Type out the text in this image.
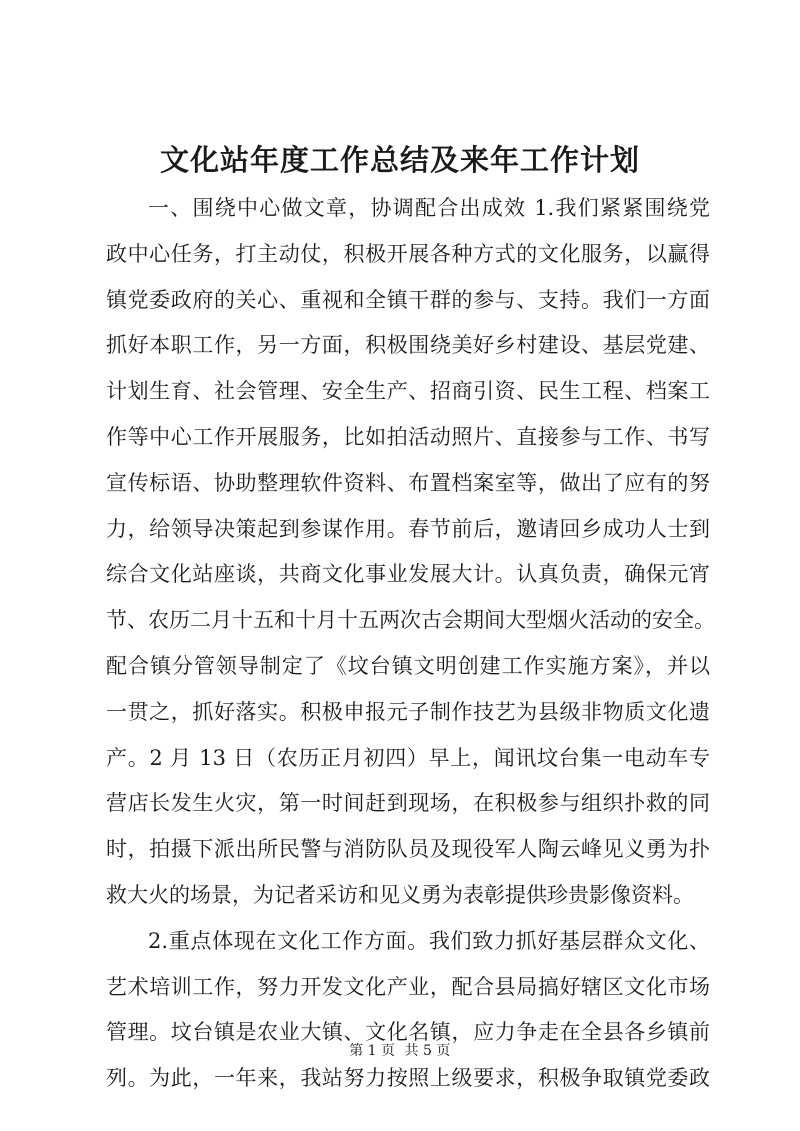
文化站年度工作总结及来年工作计划
一、围绕中心做文章，协调配合出成效 1.我们紧紧围绕党
政中心任务，打主动仗，积极开展各种方式的文化服务，以赢得
镇党委政府的关心、重视和全镇干群的参与、支持。我们一方面
抓好本职工作，另一方面，积极围绕美好乡村建设、基层党建、
计划生育、社会管理、安全生产、招商引资、民生工程、档案工
作等中心工作开展服务，比如拍活动照片、直接参与工作、书写
宣传标语、协助整理软件资料、布置档案室等，做出了应有的努
力，给领导决策起到参谋作用。春节前后，邀请回乡成功人士到
综合文化站座谈，共商文化事业发展大计。认真负责，确保元宵
节、农历二月十五和十月十五两次古会期间大型烟火活动的安全。
配合镇分管领导制定了《坟台镇文明创建工作实施方案》，并以
一贯之，抓好落实。积极申报元子制作技艺为县级非物质文化遗
产。2 月 13 日（农历正月初四）早上，闻讯坟台集一电动车专
营店长发生火灾，第一时间赶到现场，在积极参与组织扑救的同
时，拍摄下派出所民警与消防队员及现役军人陶云峰见义勇为扑
救大火的场景，为记者采访和见义勇为表彰提供珍贵影像资料。
2.重点体现在文化工作方面。我们致力抓好基层群众文化、
艺术培训工作，努力开发文化产业，配合县局搞好辖区文化市场
管理。坟台镇是农业大镇、文化名镇，应力争走在全县各乡镇前
列。为此，一年来，我站努力按照上级要求，积极争取镇党委政
第 1 页 共 5 页
